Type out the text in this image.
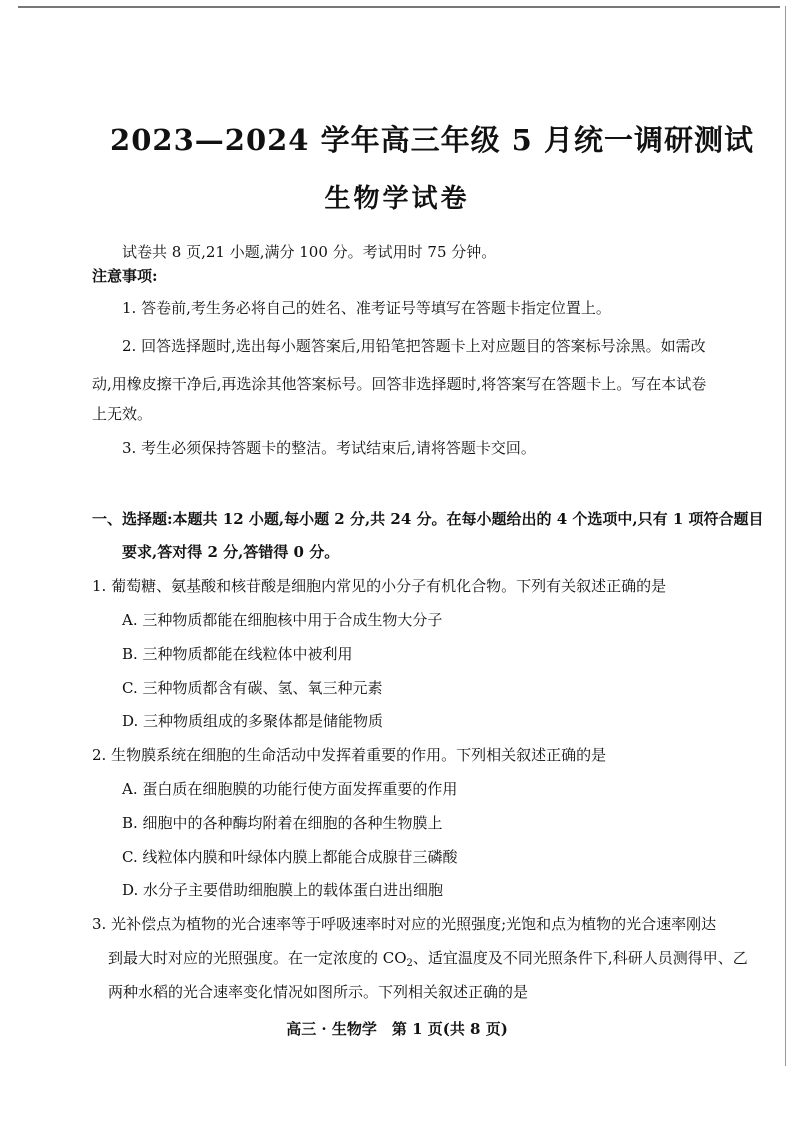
2023—2024 学年高三年级 5 月统一调研测试
生物学试卷
试卷共 8 页,21 小题,满分 100 分。考试用时 75 分钟。
注意事项:
1. 答卷前,考生务必将自己的姓名、准考证号等填写在答题卡指定位置上。
2. 回答选择题时,选出每小题答案后,用铅笔把答题卡上对应题目的答案标号涂黑。如需改
动,用橡皮擦干净后,再选涂其他答案标号。回答非选择题时,将答案写在答题卡上。写在本试卷
上无效。
3. 考生必须保持答题卡的整洁。考试结束后,请将答题卡交回。
一、选择题:本题共 12 小题,每小题 2 分,共 24 分。在每小题给出的 4 个选项中,只有 1 项符合题目
要求,答对得 2 分,答错得 0 分。
1. 葡萄糖、氨基酸和核苷酸是细胞内常见的小分子有机化合物。下列有关叙述正确的是
A. 三种物质都能在细胞核中用于合成生物大分子
B. 三种物质都能在线粒体中被利用
C. 三种物质都含有碳、氢、氧三种元素
D. 三种物质组成的多聚体都是储能物质
2. 生物膜系统在细胞的生命活动中发挥着重要的作用。下列相关叙述正确的是
A. 蛋白质在细胞膜的功能行使方面发挥重要的作用
B. 细胞中的各种酶均附着在细胞的各种生物膜上
C. 线粒体内膜和叶绿体内膜上都能合成腺苷三磷酸
D. 水分子主要借助细胞膜上的载体蛋白进出细胞
3. 光补偿点为植物的光合速率等于呼吸速率时对应的光照强度;光饱和点为植物的光合速率刚达
到最大时对应的光照强度。在一定浓度的 $CO_2$、适宜温度及不同光照条件下,科研人员测得甲、乙
两种水稻的光合速率变化情况如图所示。下列相关叙述正确的是
高三 · 生物学　第 1 页(共 8 页)
